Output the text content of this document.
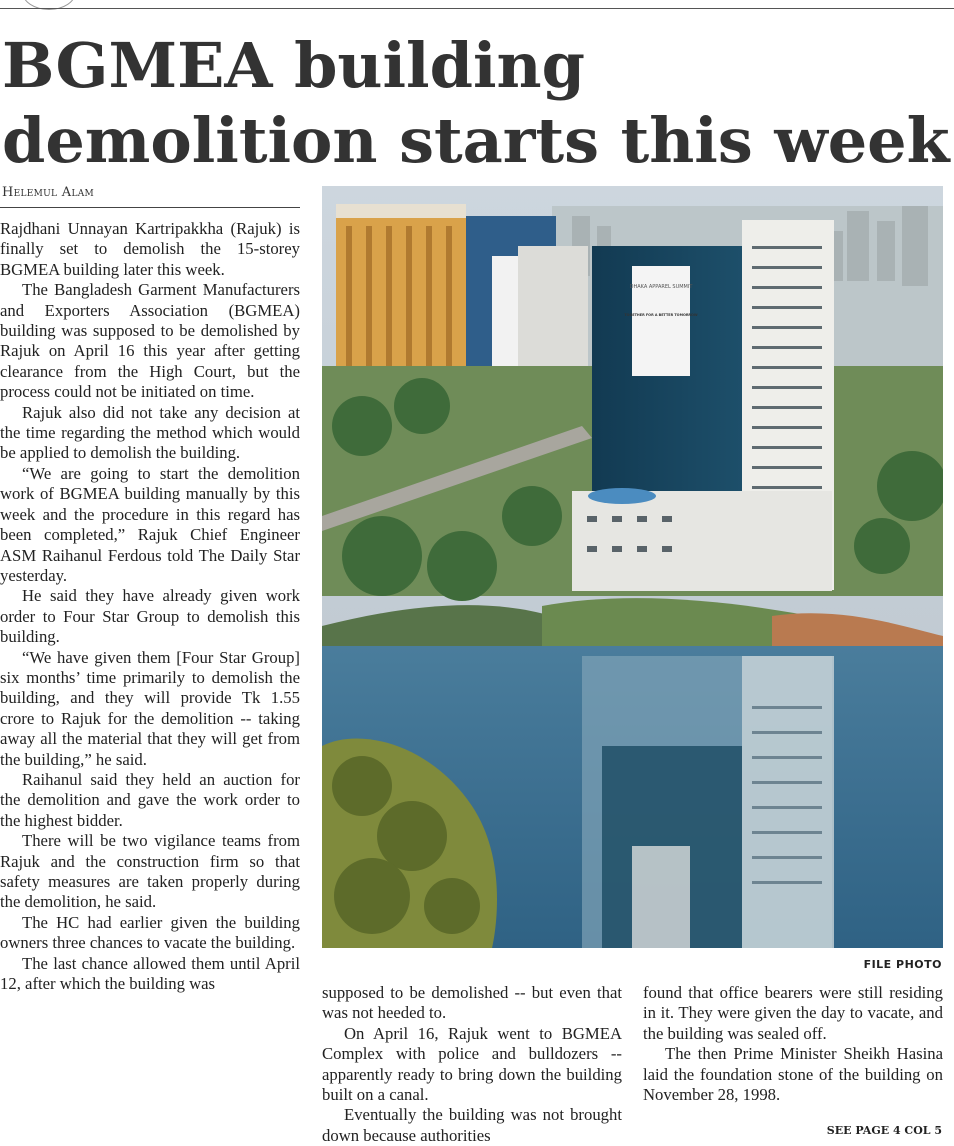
BGMEA building demolition starts this week
Helemul Alam

Rajdhani Unnayan Kartripakkha (Rajuk) is finally set to demolish the 15-storey BGMEA building later this week.

The Bangladesh Garment Manufacturers and Exporters Association (BGMEA) building was supposed to be demolished by Rajuk on April 16 this year after getting clearance from the High Court, but the process could not be initiated on time.

Rajuk also did not take any decision at the time regarding the method which would be applied to demolish the building.

“We are going to start the demolition work of BGMEA building manually by this week and the procedure in this regard has been completed,” Rajuk Chief Engineer ASM Raihanul Ferdous told The Daily Star yesterday.

He said they have already given work order to Four Star Group to demolish this building.

“We have given them [Four Star Group] six months’ time primarily to demolish the building, and they will provide Tk 1.55 crore to Rajuk for the demolition -- taking away all the material that they will get from the building,” he said.

Raihanul said they held an auction for the demolition and gave the work order to the highest bidder.

There will be two vigilance teams from Rajuk and the construction firm so that safety measures are taken properly during the demolition, he said.

The HC had earlier given the building owners three chances to vacate the building.

The last chance allowed them until April 12, after which the building was

DHAKA APPAREL SUMMIT
TOGETHER FOR A BETTER TOMORROW
FILE PHOTO

supposed to be demolished -- but even that was not heeded to.

On April 16, Rajuk went to BGMEA Complex with police and bulldozers -- apparently ready to bring down the building built on a canal.

Eventually the building was not brought down because authorities

found that office bearers were still residing in it. They were given the day to vacate, and the building was sealed off.

The then Prime Minister Sheikh Hasina laid the foundation stone of the building on November 28, 1998.

SEE PAGE 4 COL 5
